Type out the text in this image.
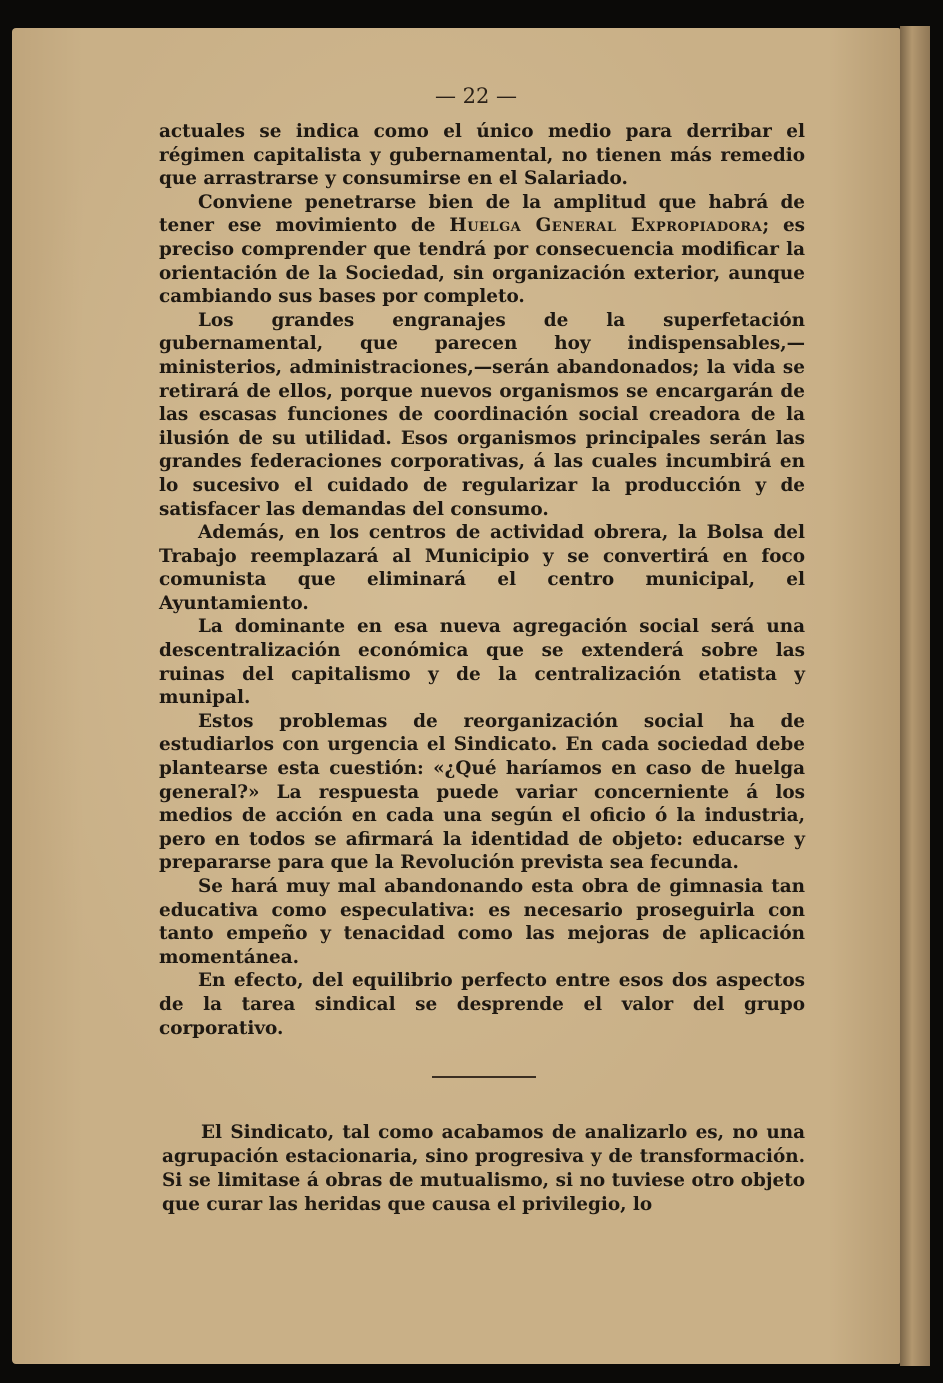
— 22 —

actuales se indica como el único medio para derribar el régimen capitalista y gubernamental, no tienen más remedio que arrastrarse y consumirse en el Salariado.

Conviene penetrarse bien de la amplitud que habrá de tener ese movimiento de Huelga General Expropiadora; es preciso comprender que tendrá por consecuencia modificar la orientación de la Sociedad, sin organización exterior, aunque cambiando sus bases por completo.

Los grandes engranajes de la superfetación gubernamental, que parecen hoy indispensables,—ministerios, administraciones,—serán abandonados; la vida se retirará de ellos, porque nuevos organismos se encargarán de las escasas funciones de coordinación social creadora de la ilusión de su utilidad. Esos organismos principales serán las grandes federaciones corporativas, á las cuales incumbirá en lo sucesivo el cuidado de regularizar la producción y de satisfacer las demandas del consumo.

Además, en los centros de actividad obrera, la Bolsa del Trabajo reemplazará al Municipio y se convertirá en foco comunista que eliminará el centro municipal, el Ayuntamiento.

La dominante en esa nueva agregación social será una descentralización económica que se extenderá sobre las ruinas del capitalismo y de la centralización etatista y munipal.

Estos problemas de reorganización social ha de estudiarlos con urgencia el Sindicato. En cada sociedad debe plantearse esta cuestión: «¿Qué haríamos en caso de huelga general?» La respuesta puede variar concerniente á los medios de acción en cada una según el oficio ó la industria, pero en todos se afirmará la identidad de objeto: educarse y prepararse para que la Revolución prevista sea fecunda.

Se hará muy mal abandonando esta obra de gimnasia tan educativa como especulativa: es necesario proseguirla con tanto empeño y tenacidad como las mejoras de aplicación momentánea.

En efecto, del equilibrio perfecto entre esos dos aspectos de la tarea sindical se desprende el valor del grupo corporativo.

El Sindicato, tal como acabamos de analizarlo es, no una agrupación estacionaria, sino progresiva y de transformación. Si se limitase á obras de mutualismo, si no tuviese otro objeto que curar las heridas que causa el privilegio, lo
